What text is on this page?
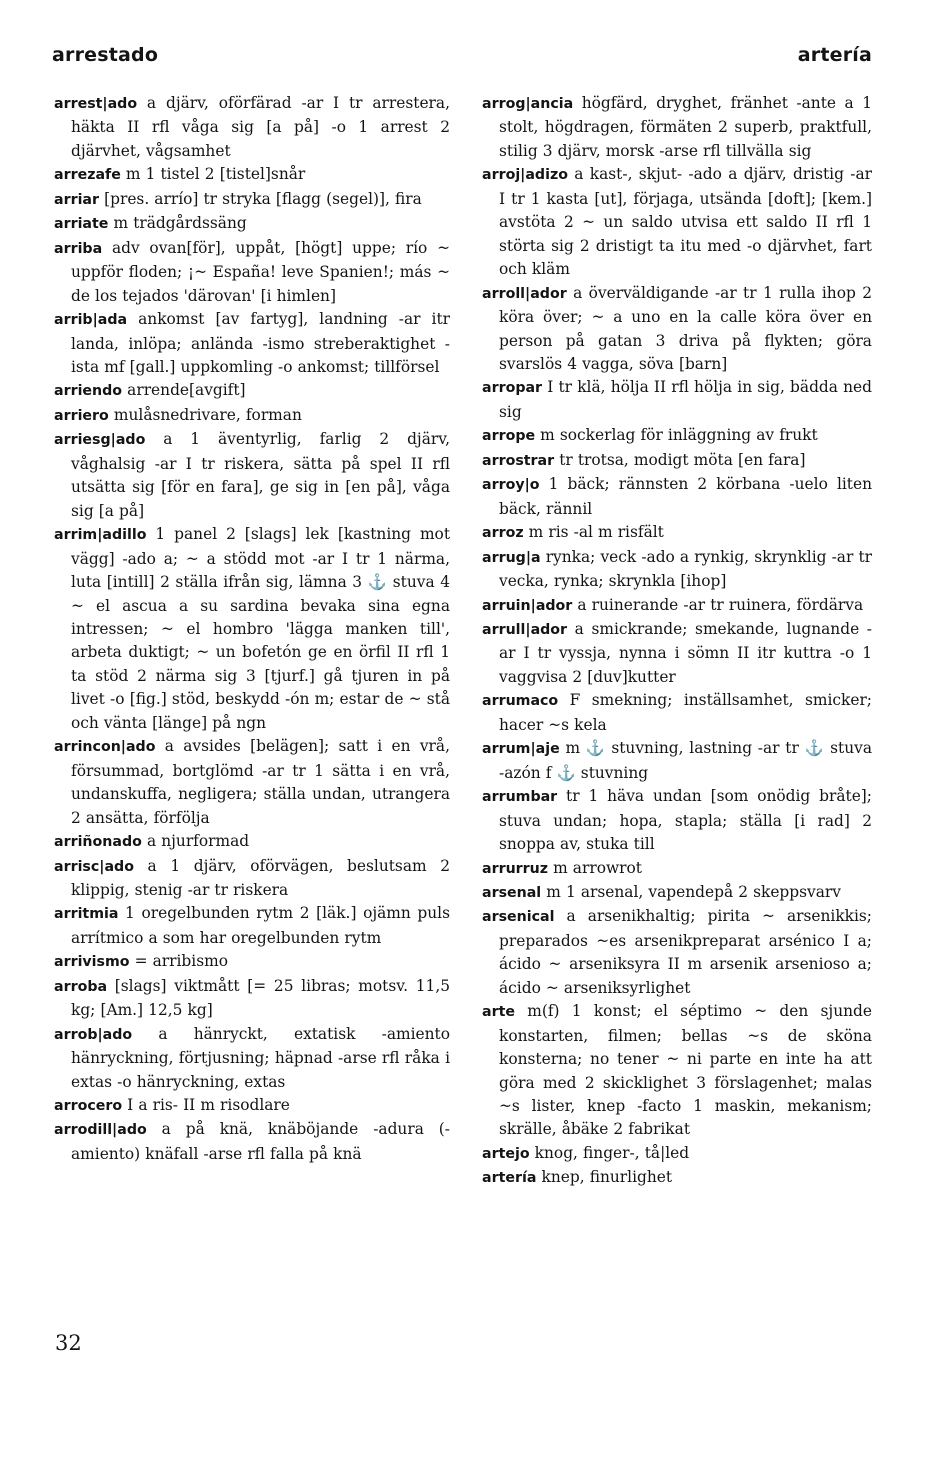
arrestado	artería

arrest|ado a djärv, oförfärad -ar I tr arrestera, häkta II rfl våga sig [a på] -o 1 arrest 2 djärvhet, vågsamhet

arrezafe m 1 tistel 2 [tistel]snår

arriar [pres. arrío] tr stryka [flagg (segel)], fira

arriate m trädgårdssäng

arriba adv ovan[för], uppåt, [högt] uppe; río ~ uppför floden; ¡~ España! leve Spanien!; más ~ de los tejados 'därovan' [i himlen]

arrib|ada ankomst [av fartyg], landning -ar itr landa, inlöpa; anlända -ismo streberaktighet -ista mf [gall.] uppkomling -o ankomst; tillförsel

arriendo arrende[avgift]

arriero mulåsnedrivare, forman

arriesg|ado a 1 äventyrlig, farlig 2 djärv, våghalsig -ar I tr riskera, sätta på spel II rfl utsätta sig [för en fara], ge sig in [en på], våga sig [a på]

arrim|adillo 1 panel 2 [slags] lek [kastning mot vägg] -ado a; ~ a stödd mot -ar I tr 1 närma, luta [intill] 2 ställa ifrån sig, lämna 3 ⚓ stuva 4 ~ el ascua a su sardina bevaka sina egna intressen; ~ el hombro 'lägga manken till', arbeta duktigt; ~ un bofetón ge en örfil II rfl 1 ta stöd 2 närma sig 3 [tjurf.] gå tjuren in på livet -o [fig.] stöd, beskydd -ón m; estar de ~ stå och vänta [länge] på ngn

arrincon|ado a avsides [belägen]; satt i en vrå, försummad, bortglömd -ar tr 1 sätta i en vrå, undanskuffa, negligera; ställa undan, utrangera 2 ansätta, förfölja

arriñonado a njurformad

arrisc|ado a 1 djärv, oförvägen, beslutsam 2 klippig, stenig -ar tr riskera

arritmia 1 oregelbunden rytm 2 [läk.] ojämn puls arrítmico a som har oregelbunden rytm

arrivismo = arribismo

arroba [slags] viktmått [= 25 libras; motsv. 11,5 kg; [Am.] 12,5 kg]

arrob|ado a hänryckt, extatisk -amiento hänryckning, förtjusning; häpnad -arse rfl råka i extas -o hänryckning, extas

arrocero I a ris- II m risodlare

arrodill|ado a på knä, knäböjande -adura (-amiento) knäfall -arse rfl falla på knä

arrog|ancia högfärd, dryghet, fränhet -ante a 1 stolt, högdragen, förmäten 2 superb, praktfull, stilig 3 djärv, morsk -arse rfl tillvälla sig

arroj|adizo a kast-, skjut- -ado a djärv, dristig -ar I tr 1 kasta [ut], förjaga, utsända [doft]; [kem.] avstöta 2 ~ un saldo utvisa ett saldo II rfl 1 störta sig 2 dristigt ta itu med -o djärvhet, fart och kläm

arroll|ador a överväldigande -ar tr 1 rulla ihop 2 köra över; ~ a uno en la calle köra över en person på gatan 3 driva på flykten; göra svarslös 4 vagga, söva [barn]

arropar I tr klä, hölja II rfl hölja in sig, bädda ned sig

arrope m sockerlag för inläggning av frukt

arrostrar tr trotsa, modigt möta [en fara]

arroy|o 1 bäck; rännsten 2 körbana -uelo liten bäck, rännil

arroz m ris -al m risfält

arrug|a rynka; veck -ado a rynkig, skrynklig -ar tr vecka, rynka; skrynkla [ihop]

arruin|ador a ruinerande -ar tr ruinera, fördärva

arrull|ador a smickrande; smekande, lugnande -ar I tr vyssja, nynna i sömn II itr kuttra -o 1 vaggvisa 2 [duv]kutter

arrumaco F smekning; inställsamhet, smicker; hacer ~s kela

arrum|aje m ⚓ stuvning, lastning -ar tr ⚓ stuva -azón f ⚓ stuvning

arrumbar tr 1 häva undan [som onödig bråte]; stuva undan; hopa, stapla; ställa [i rad] 2 snoppa av, stuka till

arrurruz m arrowrot

arsenal m 1 arsenal, vapendepå 2 skeppsvarv

arsenical a arsenikhaltig; pirita ~ arsenikkis; preparados ~es arsenikpreparat arsénico I a; ácido ~ arseniksyra II m arsenik arsenioso a; ácido ~ arseniksyrlighet

arte m(f) 1 konst; el séptimo ~ den sjunde konstarten, filmen; bellas ~s de sköna konsterna; no tener ~ ni parte en inte ha att göra med 2 skicklighet 3 förslagenhet; malas ~s lister, knep -facto 1 maskin, mekanism; skrälle, åbäke 2 fabrikat

artejo knog, finger-, tå|led

artería knep, finurlighet

32
